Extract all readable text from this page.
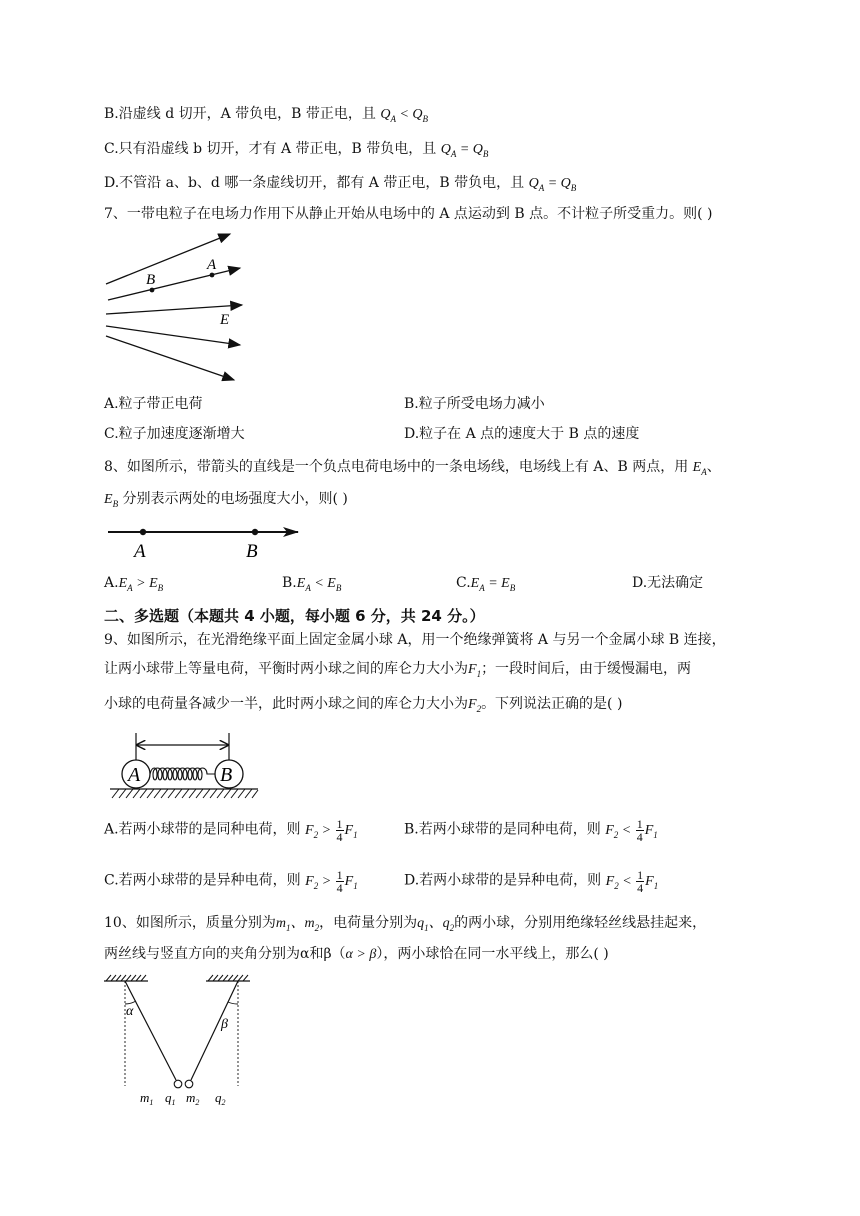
B.沿虚线 d 切开，A 带负电，B 带正电，且 $Q_A < Q_B$
C.只有沿虚线 b 切开，才有 A 带正电，B 带负电，且 $Q_A = Q_B$
D.不管沿 a、b、d 哪一条虚线切开，都有 A 带正电，B 带负电，且 $Q_A = Q_B$
7、一带电粒子在电场力作用下从静止开始从电场中的 A 点运动到 B 点。不计粒子所受重力。则( )
B
A
E
A.粒子带正电荷	B.粒子所受电场力减小
C.粒子加速度逐渐增大	D.粒子在 A 点的速度大于 B 点的速度
8、如图所示，带箭头的直线是一个负点电荷电场中的一条电场线，电场线上有 A、B 两点，用 $E_A$、
$E_B$ 分别表示两处的电场强度大小，则( )
A	B
$A.E_A > E_B$	$B.E_A < E_B$	$C.E_A = E_B$	D.无法确定
二、多选题（本题共 4 小题，每小题 6 分，共 24 分。）
9、如图所示，在光滑绝缘平面上固定金属小球 A，用一个绝缘弹簧将 A 与另一个金属小球 B 连接，
让两小球带上等量电荷，平衡时两小球之间的库仑力大小为$F_1$；一段时间后，由于缓慢漏电，两
小球的电荷量各减少一半，此时两小球之间的库仑力大小为$F_2$。下列说法正确的是( )
A	B
A.若两小球带的是同种电荷，则 $F_2 > \frac{1}{4} F_1$	B.若两小球带的是同种电荷，则 $F_2 < \frac{1}{4} F_1$
C.若两小球带的是异种电荷，则 $F_2 > \frac{1}{4} F_1$	D.若两小球带的是异种电荷，则 $F_2 < \frac{1}{4} F_1$
10、如图所示，质量分别为$m_1$、$m_2$，电荷量分别为$q_1$、$q_2$的两小球，分别用绝缘轻丝线悬挂起来，
两丝线与竖直方向的夹角分别为α和β（α > β），两小球恰在同一水平线上，那么( )
α
β
$m_1$ $q_1$ $m_2$ $q_2$
